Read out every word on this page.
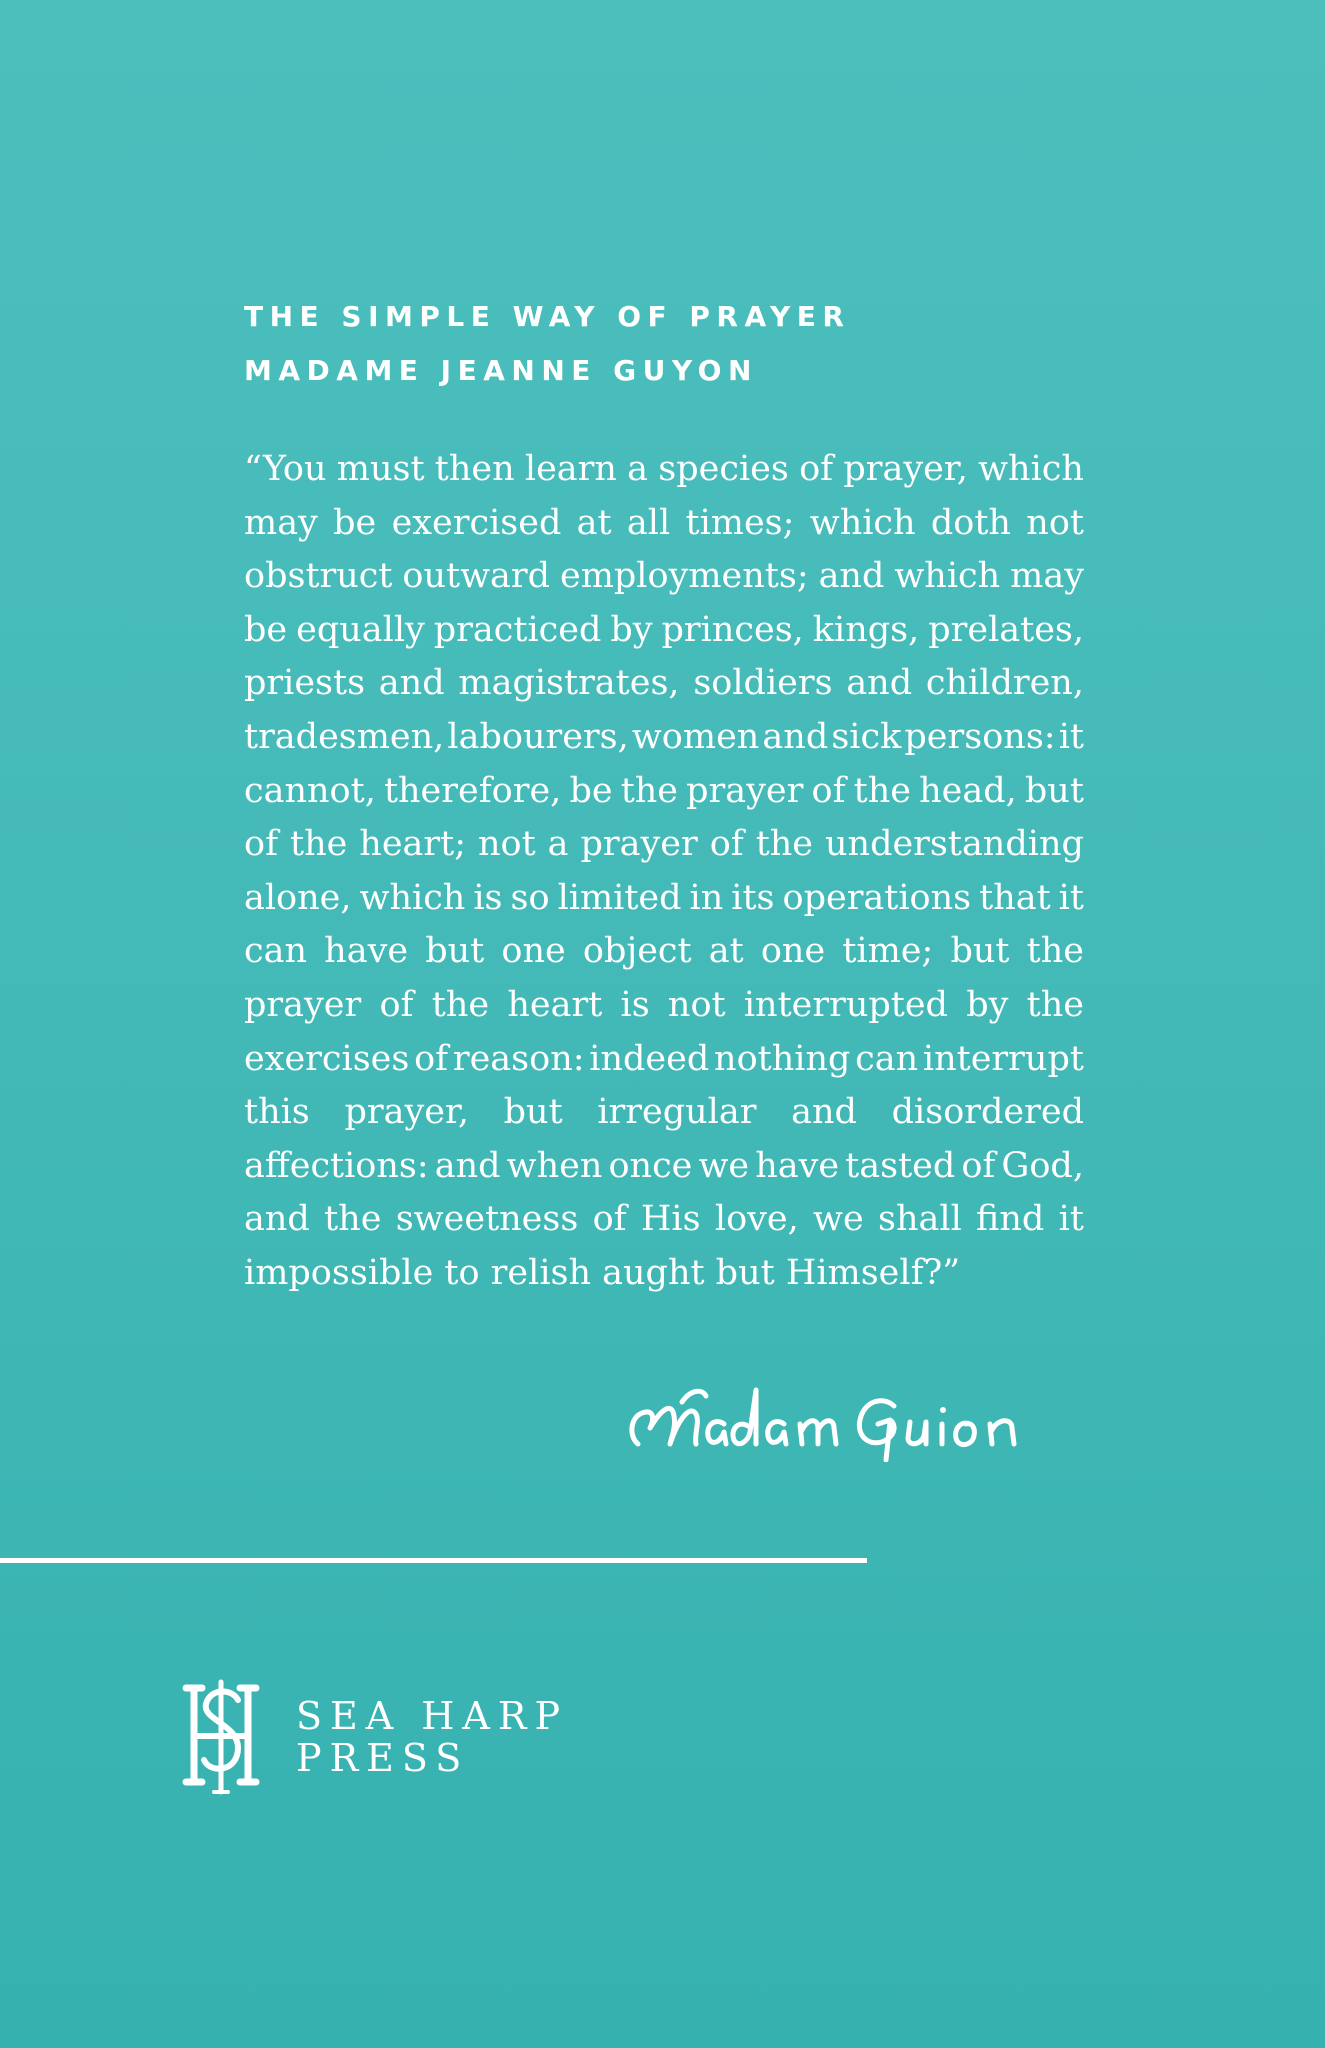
THE SIMPLE WAY OF PRAYER
MADAME JEANNE GUYON
“You must then learn a species of prayer, which
may be exercised at all times; which doth not
obstruct outward employments; and which may
be equally practiced by princes, kings, prelates,
priests and magistrates, soldiers and children,
tradesmen, labourers, women and sick persons: it
cannot, therefore, be the prayer of the head, but
of the heart; not a prayer of the understanding
alone, which is so limited in its operations that it
can have but one object at one time; but the
prayer of the heart is not interrupted by the
exercises of reason: indeed nothing can interrupt
this prayer, but irregular and disordered
affections: and when once we have tasted of God,
and the sweetness of His love, we shall find it
impossible to relish aught but Himself?”
SEA HARP
PRESS
